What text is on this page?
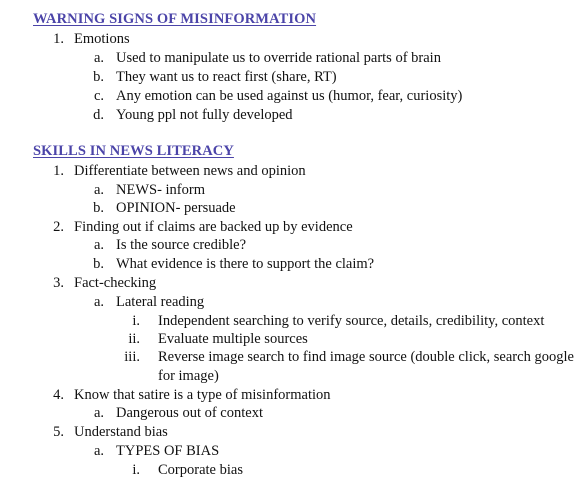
WARNING SIGNS OF MISINFORMATION
1. Emotions
a. Used to manipulate us to override rational parts of brain
b. They want us to react first (share, RT)
c. Any emotion can be used against us (humor, fear, curiosity)
d. Young ppl not fully developed
SKILLS IN NEWS LITERACY
1. Differentiate between news and opinion
a. NEWS- inform
b. OPINION- persuade
2. Finding out if claims are backed up by evidence
a. Is the source credible?
b. What evidence is there to support the claim?
3. Fact-checking
a. Lateral reading
i. Independent searching to verify source, details, credibility, context
ii. Evaluate multiple sources
iii. Reverse image search to find image source (double click, search google for image)
4. Know that satire is a type of misinformation
a. Dangerous out of context
5. Understand bias
a. TYPES OF BIAS
i. Corporate bias
